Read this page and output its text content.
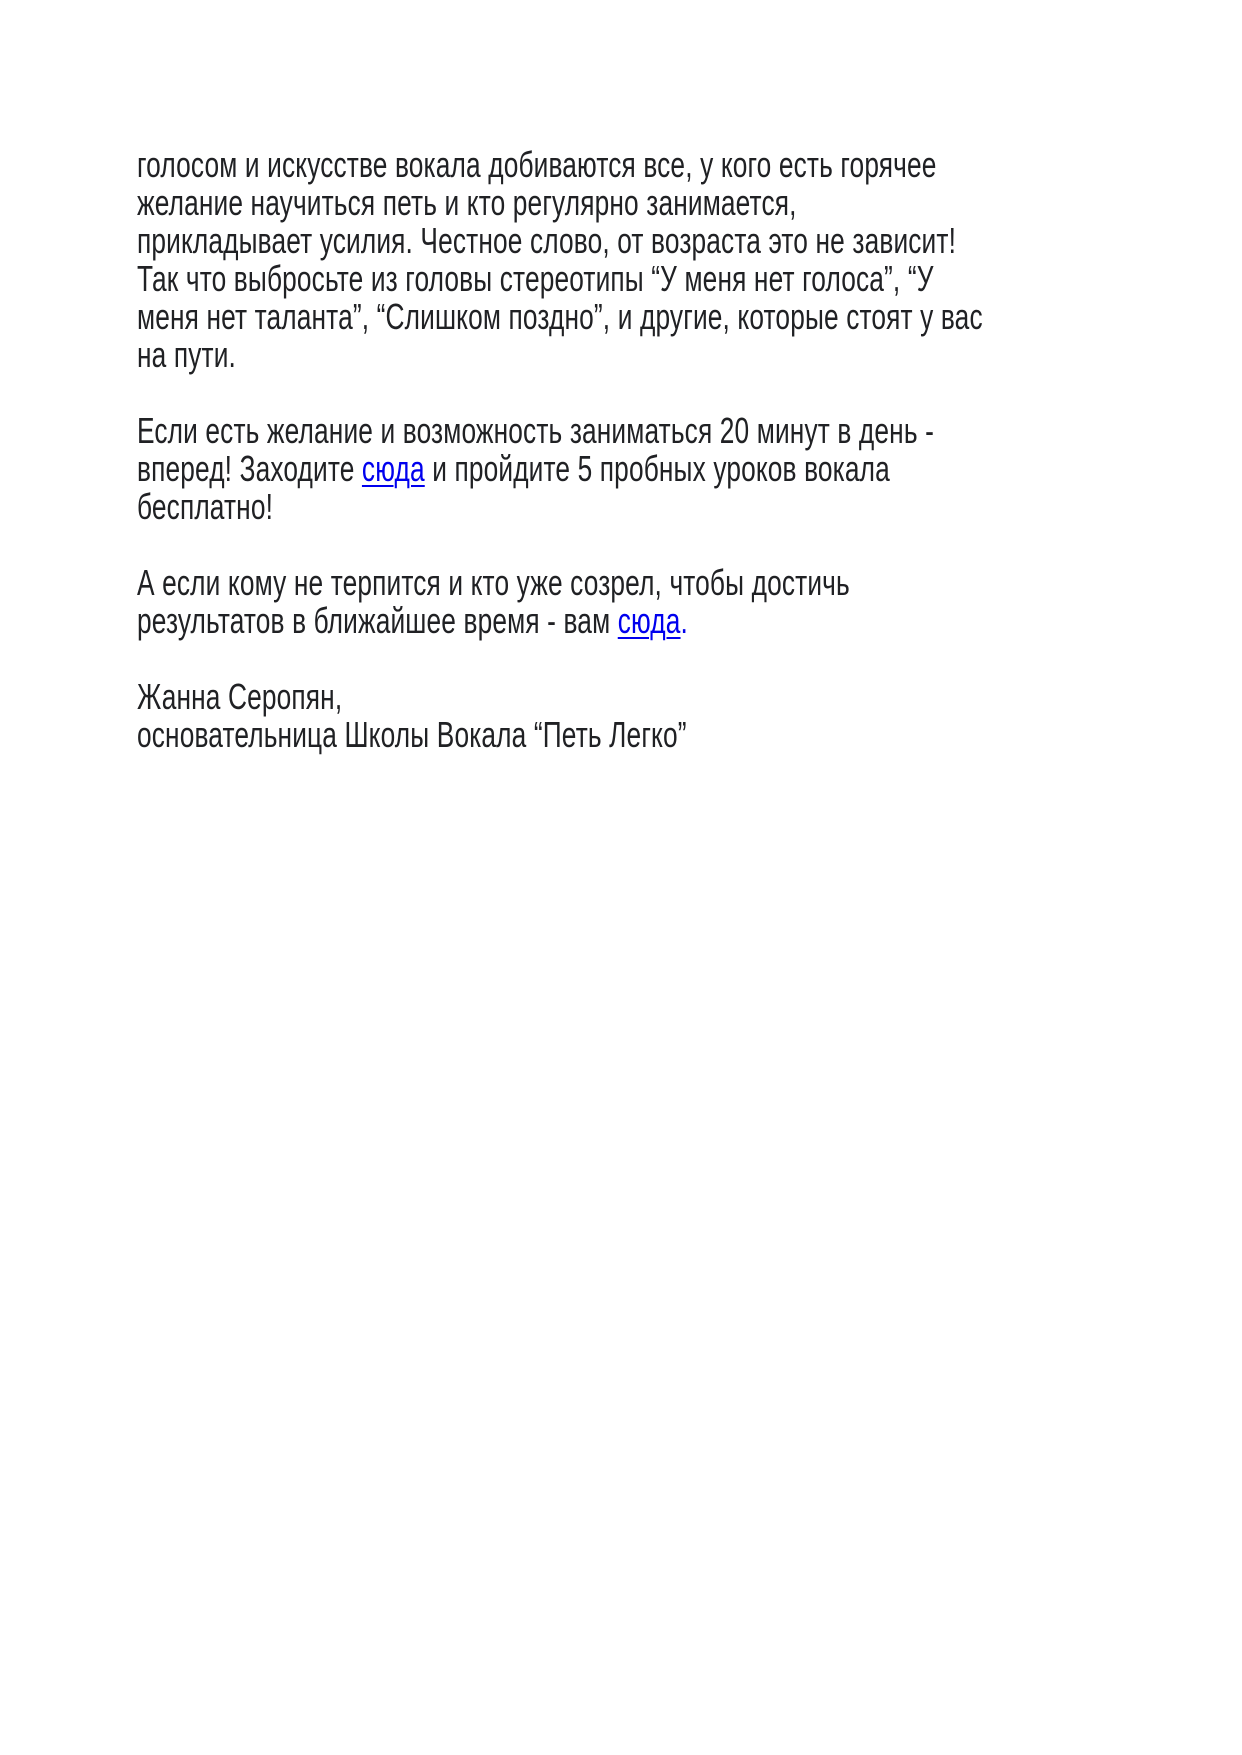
голосом и искусстве вокала добиваются все, у кого есть горячее
желание научиться петь и кто регулярно занимается,
прикладывает усилия. Честное слово, от возраста это не зависит!
Так что выбросьте из головы стереотипы “У меня нет голоса”, “У
меня нет таланта”, “Слишком поздно”, и другие, которые стоят у вас
на пути.
Если есть желание и возможность заниматься 20 минут в день -
вперед! Заходите сюда и пройдите 5 пробных уроков вокала
бесплатно!
А если кому не терпится и кто уже созрел, чтобы достичь
результатов в ближайшее время - вам сюда.
Жанна Серопян,
основательница Школы Вокала “Петь Легко”
